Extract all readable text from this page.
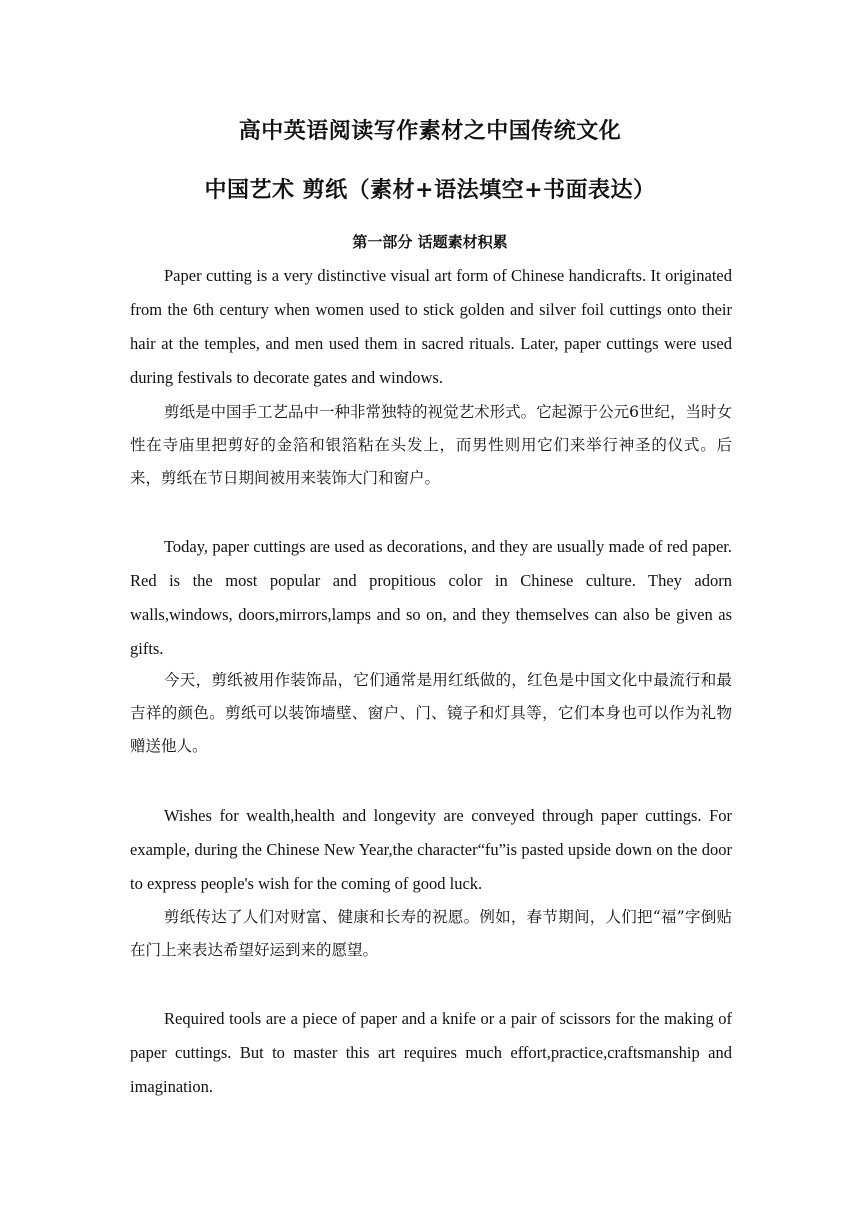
高中英语阅读写作素材之中国传统文化
中国艺术 剪纸（素材+语法填空+书面表达）
第一部分 话题素材积累

Paper cutting is a very distinctive visual art form of Chinese handicrafts. It originated from the 6th century when women used to stick golden and silver foil cuttings onto their hair at the temples, and men used them in sacred rituals. Later, paper cuttings were used during festivals to decorate gates and windows.

剪纸是中国手工艺品中一种非常独特的视觉艺术形式。它起源于公元6世纪，当时女性在寺庙里把剪好的金箔和银箔粘在头发上，而男性则用它们来举行神圣的仪式。后来，剪纸在节日期间被用来装饰大门和窗户。

Today, paper cuttings are used as decorations, and they are usually made of red paper. Red is the most popular and propitious color in Chinese culture. They adorn walls,windows, doors,mirrors,lamps and so on, and they themselves can also be given as gifts.

今天，剪纸被用作装饰品，它们通常是用红纸做的，红色是中国文化中最流行和最吉祥的颜色。剪纸可以装饰墙壁、窗户、门、镜子和灯具等，它们本身也可以作为礼物赠送他人。

Wishes for wealth,health and longevity are conveyed through paper cuttings. For example, during the Chinese New Year,the character“fu”is pasted upside down on the door to express people's wish for the coming of good luck.

剪纸传达了人们对财富、健康和长寿的祝愿。例如，春节期间，人们把“福”字倒贴在门上来表达希望好运到来的愿望。

Required tools are a piece of paper and a knife or a pair of scissors for the making of paper cuttings. But to master this art requires much effort,practice,craftsmanship and imagination.
